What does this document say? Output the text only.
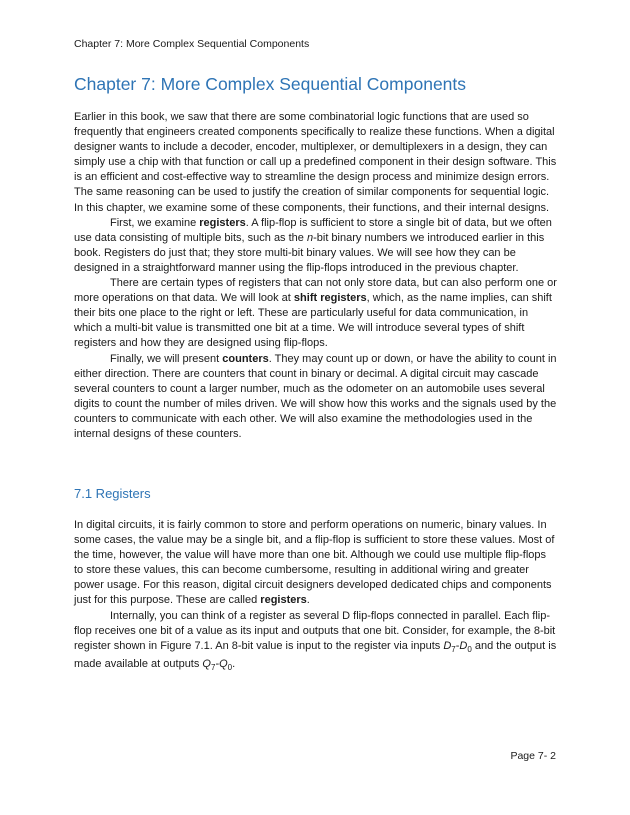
Chapter 7: More Complex Sequential Components
Chapter 7: More Complex Sequential Components

Earlier in this book, we saw that there are some combinatorial logic functions that are used so frequently that engineers created components specifically to realize these functions. When a digital designer wants to include a decoder, encoder, multiplexer, or demultiplexers in a design, they can simply use a chip with that function or call up a predefined component in their design software. This is an efficient and cost-effective way to streamline the design process and minimize design errors. The same reasoning can be used to justify the creation of similar components for sequential logic. In this chapter, we examine some of these components, their functions, and their internal designs.

First, we examine registers. A flip-flop is sufficient to store a single bit of data, but we often use data consisting of multiple bits, such as the n-bit binary numbers we introduced earlier in this book. Registers do just that; they store multi-bit binary values. We will see how they can be designed in a straightforward manner using the flip-flops introduced in the previous chapter.

There are certain types of registers that can not only store data, but can also perform one or more operations on that data. We will look at shift registers, which, as the name implies, can shift their bits one place to the right or left. These are particularly useful for data communication, in which a multi-bit value is transmitted one bit at a time. We will introduce several types of shift registers and how they are designed using flip-flops.

Finally, we will present counters. They may count up or down, or have the ability to count in either direction. There are counters that count in binary or decimal. A digital circuit may cascade several counters to count a larger number, much as the odometer on an automobile uses several digits to count the number of miles driven. We will show how this works and the signals used by the counters to communicate with each other. We will also examine the methodologies used in the internal designs of these counters.

7.1 Registers

In digital circuits, it is fairly common to store and perform operations on numeric, binary values. In some cases, the value may be a single bit, and a flip-flop is sufficient to store these values. Most of the time, however, the value will have more than one bit. Although we could use multiple flip-flops to store these values, this can become cumbersome, resulting in additional wiring and greater power usage. For this reason, digital circuit designers developed dedicated chips and components just for this purpose. These are called registers.

Internally, you can think of a register as several D flip-flops connected in parallel. Each flip-flop receives one bit of a value as its input and outputs that one bit. Consider, for example, the 8-bit register shown in Figure 7.1. An 8-bit value is input to the register via inputs $D_7-D_0$ and the output is made available at outputs $Q_7-Q_0$.

Page 7- 2
